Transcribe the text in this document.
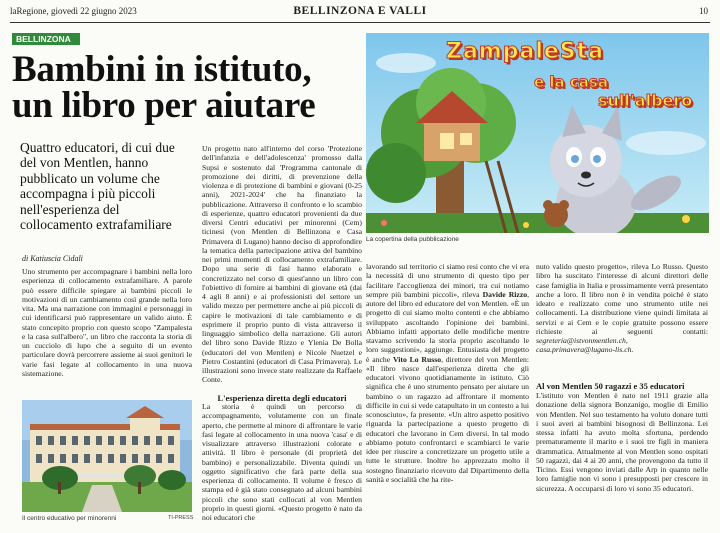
laRegione, giovedì 22 giugno 2023	BELLINZONA E VALLI	10
BELLINZONA
Bambini in istituto,
un libro per aiutare
Quattro educatori, di cui due del von Mentlen, hanno pubblicato un volume che accompagna i più piccoli nell'esperienza del collocamento extrafamiliare
di Katiuscia Cidali
Uno strumento per accompagnare i bambini nella loro esperienza di collocamento extrafamiliare. A parole può essere difficile spiegare ai bambini piccoli le motivazioni di un cambiamento così grande nella loro vita. Ma una narrazione con immagini e personaggi in cui identificarsi può rappresentare un valido aiuto. È stato concepito proprio con questo scopo "Zampalesta e la casa sull'albero", un libro che racconta la storia di un cucciolo di lupo che a seguito di un evento particolare dovrà percorrere assieme ai suoi genitori le varie fasi legate al collocamento in una nuova sistemazione.
Il centro educativo per minorenni	TI-PRESS
Un progetto nato all'interno del corso 'Protezione dell'infanzia e dell'adolescenza' promosso dalla Supsi e sostenuto dal 'Programma cantonale di promozione dei diritti, di prevenzione della violenza e di protezione di bambini e giovani (0-25 anni), 2021-2024' che ha finanziato la pubblicazione. Attraverso il confronto e lo scambio di esperienze, quattro educatori provenienti da due diversi Centri educativi per minorenni (Cem) ticinesi (von Mentlen di Bellinzona e Casa Primavera di Lugano) hanno deciso di approfondire la tematica della partecipazione attiva del bambino nei primi momenti di collocamento extrafamiliare. Dopo una serie di fasi hanno elaborato e concretizzato nel corso di quest'anno un libro con l'obiettivo di fornire ai bambini di giovane età (dai 4 agli 8 anni) e ai professionisti del settore un valido mezzo per permettere anche ai più piccoli di capire le motivazioni di tale cambiamento e di esprimere il proprio punto di vista attraverso il linguaggio simbolico della narrazione. Gli autori del libro sono Davide Rizzo e Ylenia De Bolla (educatori del von Mentlen) e Nicole Nuetzel e Pietro Costantini (educatori di Casa Primavera). Le illustrazioni sono invece state realizzate da Raffaele Conte.
L'esperienza diretta degli educatori
La storia è quindi un percorso di accompagnamento, volutamente con un finale aperto, che permette al minore di affrontare le varie fasi legate al collocamento in una nuova 'casa' e di visualizzare attraverso illustrazioni colorate e attività. Il libro è personale (di proprietà del bambino) e personalizzabile. Diventa quindi un oggetto significativo che farà parte della sua esperienza di collocamento. Il volume è fresco di stampa ed è già stato consegnato ad alcuni bambini piccoli che sono stati collocati al von Mentlen proprio in questi giorni. «Questo progetto è nato da noi educatori che
ZampaleSta
e la casa
sull'albero
La copertina della pubblicazione
lavorando sul territorio ci siamo resi conto che vi era la necessità di uno strumento di questo tipo per facilitare l'accoglienza dei minori, tra cui notiamo sempre più bambini piccoli», rileva Davide Rizzo, autore del libro ed educatore del von Mentlen. «È un progetto di cui siamo molto contenti e che abbiamo sviluppato ascoltando l'opinione dei bambini. Abbiamo infatti apportato delle modifiche mentre stavamo scrivendo la storia proprio ascoltando le loro suggestioni», aggiunge. Entusiasta del progetto è anche Vito Lo Russo, direttore del von Mentlen: «Il libro nasce dall'esperienza diretta che gli educatori vivono quotidianamente in istituto. Ciò significa che è uno strumento pensato per aiutare un bambino o un ragazzo ad affrontare il momento difficile in cui si vede catapultato in un contesto a lui sconosciuto», fa presente. «Un altro aspetto positivo riguarda la partecipazione a questo progetto di educatori che lavorano in Cem diversi. In tal modo abbiamo potuto confrontarci e scambiarci le varie idee per riuscire a concretizzare un progetto utile a tutte le strutture. Inoltre ho apprezzato molto il sostegno finanziario ricevuto dal Dipartimento della sanità e socialità che ha rite-
nuto valido questo progetto», rileva Lo Russo. Questo libro ha suscitato l'interesse di alcuni direttori delle case famiglia in Italia e prossimamente verrà presentato anche a loro. Il libro non è in vendita poiché è stato ideato e realizzato come uno strumento utile nei collocamenti. La distribuzione viene quindi limitata ai servizi e ai Cem e le copie gratuite possono essere richieste ai seguenti contatti: segreteria@istvonmentlen.ch, casa.primavera@lugano-lis.ch.
Al von Mentlen 50 ragazzi e 35 educatori
L'istituto von Mentlen è nato nel 1911 grazie alla donazione della signora Bonzanigo, moglie di Emilio von Mentlen. Nel suo testamento ha voluto donare tutti i suoi averi ai bambini bisognosi di Bellinzona. Lei stessa infatti ha avuto molta sfortuna, perdendo prematuramente il marito e i suoi tre figli in maniera drammatica. Attualmente al von Mentlen sono ospitati 50 ragazzi, dai 4 ai 20 anni, che provengono da tutto il Ticino. Essi vengono inviati dalle Arp in quanto nelle loro famiglie non vi sono i presupposti per crescere in sicurezza. A occuparsi di loro vi sono 35 educatori.
